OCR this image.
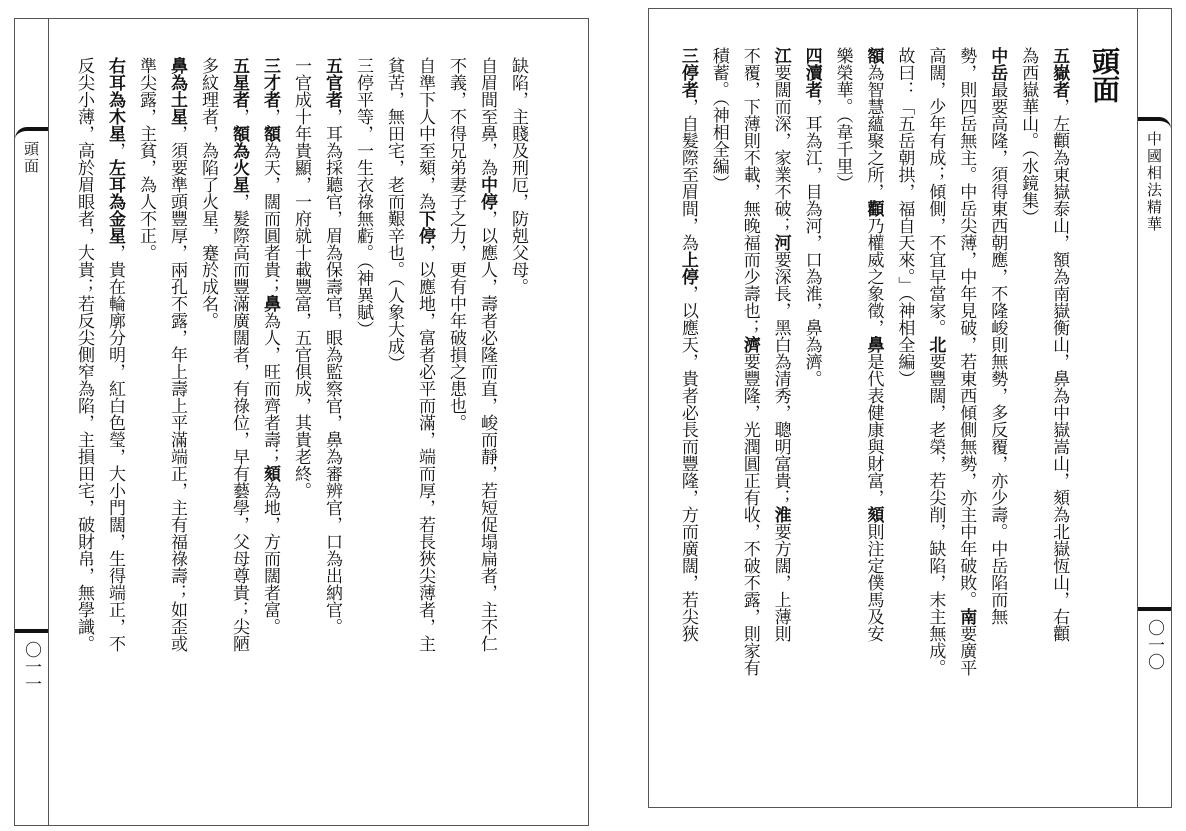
頭面
〇一一
缺陷，主賤及刑厄，防剋父母。
自眉間至鼻，為中停，以應人，壽者必隆而直，峻而靜，若短促塌扁者，主不仁
不義，不得兄弟妻子之力，更有中年破損之患也。
自準下人中至頦，為下停，以應地，富者必平而滿，端而厚，若長狹尖薄者，主
貧苦，無田宅，老而艱辛也。（人象大成）
三停平等，一生衣祿無虧。（神異賦）
五官者，耳為採聽官，眉為保壽官，眼為監察官，鼻為審辨官，口為出納官。
一官成十年貴顯，一府就十載豐富，五官俱成，其貴老終。
三才者，額為天，闊而圓者貴；鼻為人，旺而齊者壽；頦為地，方而闊者富。
五星者，額為火星，髮際高而豐滿廣闊者，有祿位，早有藝學，父母尊貴；尖陋
多紋理者，為陷了火星，蹇於成名。
鼻為土星，須要準頭豐厚，兩孔不露，年上壽上平滿端正，主有福祿壽；如歪或
準尖露，主貧，為人不正。
右耳為木星，左耳為金星，貴在輪廓分明，紅白色瑩，大小門闊，生得端正，不
反尖小薄，高於眉眼者，大貴；若反尖側窄為陷，主損田宅，破財帛，無學識。	中國相法精華
〇一〇
頭面
五嶽者，左顴為東嶽泰山，額為南嶽衡山，鼻為中嶽嵩山，頦為北嶽恆山，右顴
為西嶽華山。（水鏡集）
中岳最要高隆，須得東西朝應，不隆峻則無勢，多反覆，亦少壽。中岳陷而無
勢，則四岳無主。中岳尖薄，中年見破，若東西傾側無勢，亦主中年破敗。南要廣平
高闊，少年有成；傾側，不宜早當家。北要豐闊，老榮，若尖削，缺陷，末主無成。
故曰：「五岳朝拱，福自天來。」（神相全編）
額為智慧蘊聚之所，顴乃權威之象徵，鼻是代表健康與財富，頦則注定僕馬及安
樂榮華。（韋千里）
四瀆者，耳為江，目為河，口為淮，鼻為濟。
江要闊而深，家業不破；河要深長，黑白為清秀，聰明富貴；淮要方闊，上薄則
不覆，下薄則不載，無晚福而少壽也；濟要豐隆，光潤圓正有收，不破不露，則家有
積蓄。（神相全編）
三停者，自髮際至眉間，為上停，以應天，貴者必長而豐隆，方而廣闊，若尖狹
